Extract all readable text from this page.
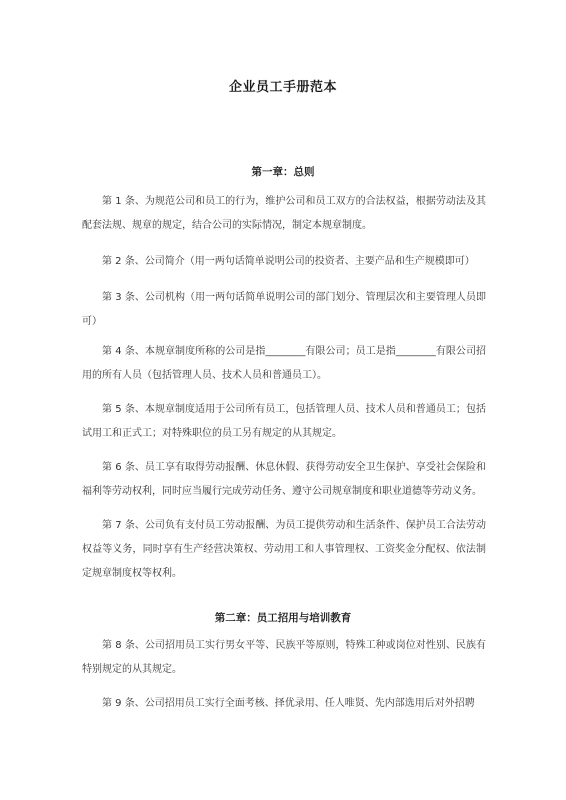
企业员工手册范本
第一章：总则
第 1 条、为规范公司和员工的行为，维护公司和员工双方的合法权益，根据劳动法及其配套法规、规章的规定，结合公司的实际情况，制定本规章制度。
第 2 条、公司简介（用一两句话简单说明公司的投资者、主要产品和生产规模即可）
第 3 条、公司机构（用一两句话简单说明公司的部门划分、管理层次和主要管理人员即可）
第 4 条、本规章制度所称的公司是指________有限公司；员工是指________有限公司招用的所有人员（包括管理人员、技术人员和普通员工）。
第 5 条、本规章制度适用于公司所有员工，包括管理人员、技术人员和普通员工；包括试用工和正式工；对特殊职位的员工另有规定的从其规定。
第 6 条、员工享有取得劳动报酬、休息休假、获得劳动安全卫生保护、享受社会保险和福利等劳动权利，同时应当履行完成劳动任务、遵守公司规章制度和职业道德等劳动义务。
第 7 条、公司负有支付员工劳动报酬、为员工提供劳动和生活条件、保护员工合法劳动权益等义务，同时享有生产经营决策权、劳动用工和人事管理权、工资奖金分配权、依法制定规章制度权等权利。
第二章：员工招用与培训教育
第 8 条、公司招用员工实行男女平等、民族平等原则，特殊工种或岗位对性别、民族有特别规定的从其规定。
第 9 条、公司招用员工实行全面考核、择优录用、任人唯贤、先内部选用后对外招聘
